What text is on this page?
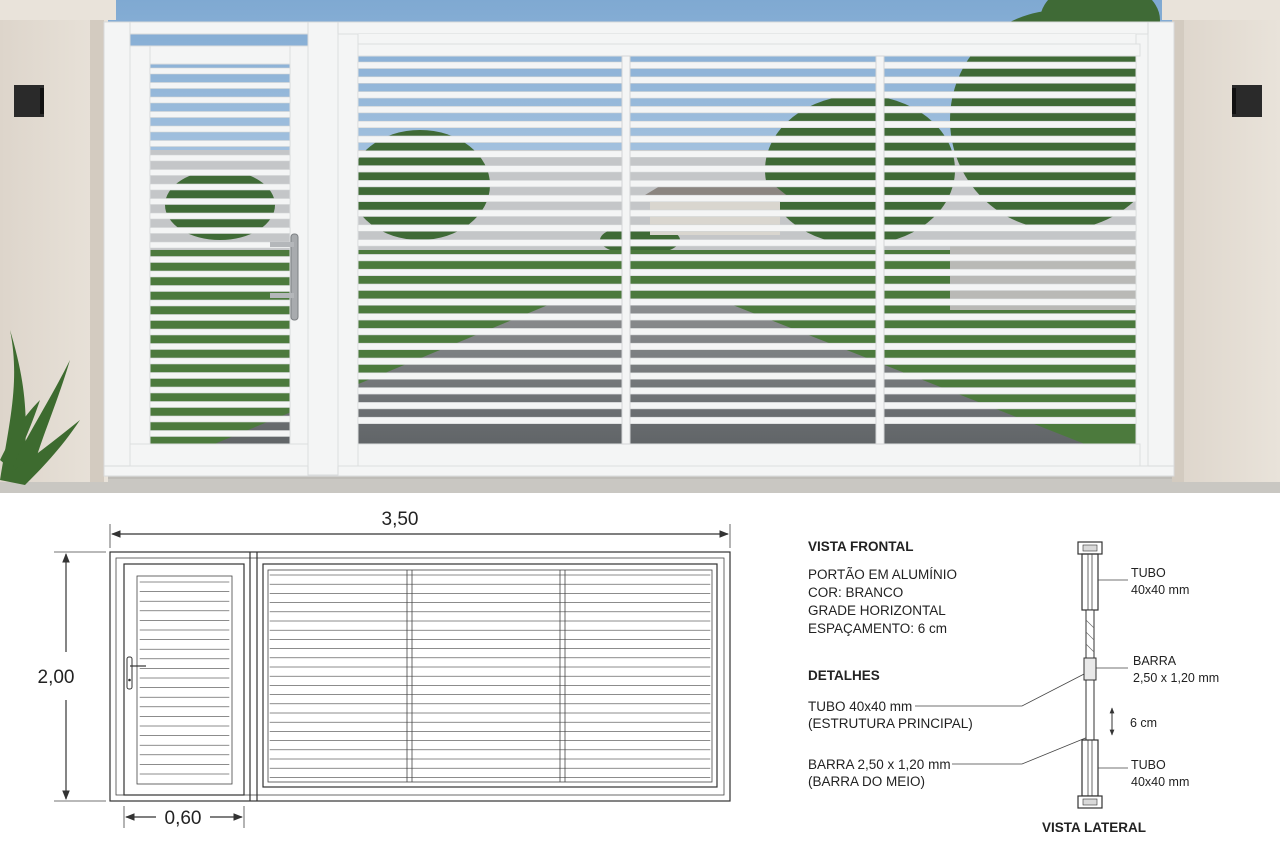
3,50
2,00
0,60
VISTA FRONTAL
PORTÃO EM ALUMÍNIO
COR: BRANCO
GRADE HORIZONTAL
ESPAÇAMENTO: 6 cm
DETALHES
TUBO 40x40 mm
(ESTRUTURA PRINCIPAL)
BARRA 2,50 x 1,20 mm
(BARRA DO MEIO)
TUBO
40x40 mm
BARRA
2,50 x 1,20 mm
6 cm
TUBO
40x40 mm
VISTA LATERAL
